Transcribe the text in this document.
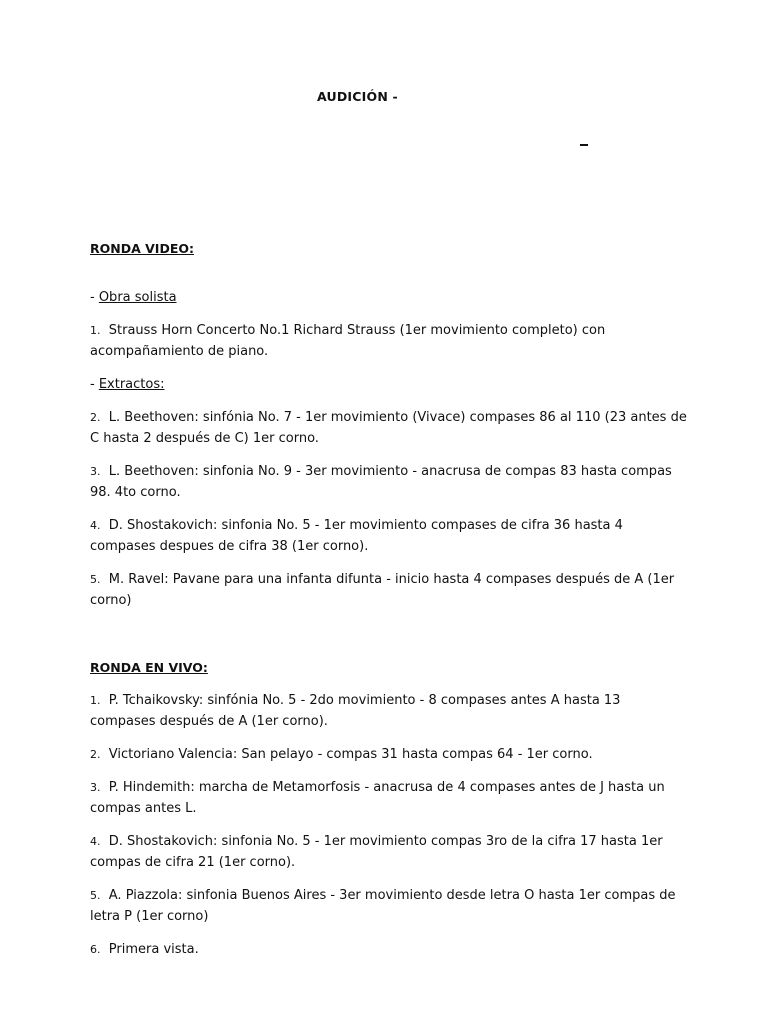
AUDICIÓN -

RONDA VIDEO:

- Obra solista

1. Strauss Horn Concerto No.1 Richard Strauss (1er movimiento completo) con acompañamiento de piano.

- Extractos:

2. L. Beethoven: sinfónia No. 7 - 1er movimiento (Vivace) compases 86 al 110 (23 antes de C hasta 2 después de C) 1er corno.

3. L. Beethoven: sinfonia No. 9 - 3er movimiento - anacrusa de compas 83 hasta compas 98. 4to corno.

4. D. Shostakovich: sinfonia No. 5 - 1er movimiento compases de cifra 36 hasta 4 compases despues de cifra 38 (1er corno).

5. M. Ravel: Pavane para una infanta difunta - inicio hasta 4 compases después de A (1er corno)

RONDA EN VIVO:

1. P. Tchaikovsky: sinfónia No. 5 - 2do movimiento - 8 compases antes A hasta 13 compases después de A (1er corno).

2. Victoriano Valencia: San pelayo - compas 31 hasta compas 64 - 1er corno.

3. P. Hindemith: marcha de Metamorfosis - anacrusa de 4 compases antes de J hasta un compas antes L.

4. D. Shostakovich: sinfonia No. 5 - 1er movimiento compas 3ro de la cifra 17 hasta 1er compas de cifra 21 (1er corno).

5. A. Piazzola: sinfonia Buenos Aires - 3er movimiento desde letra O hasta 1er compas de letra P (1er corno)

6. Primera vista.
